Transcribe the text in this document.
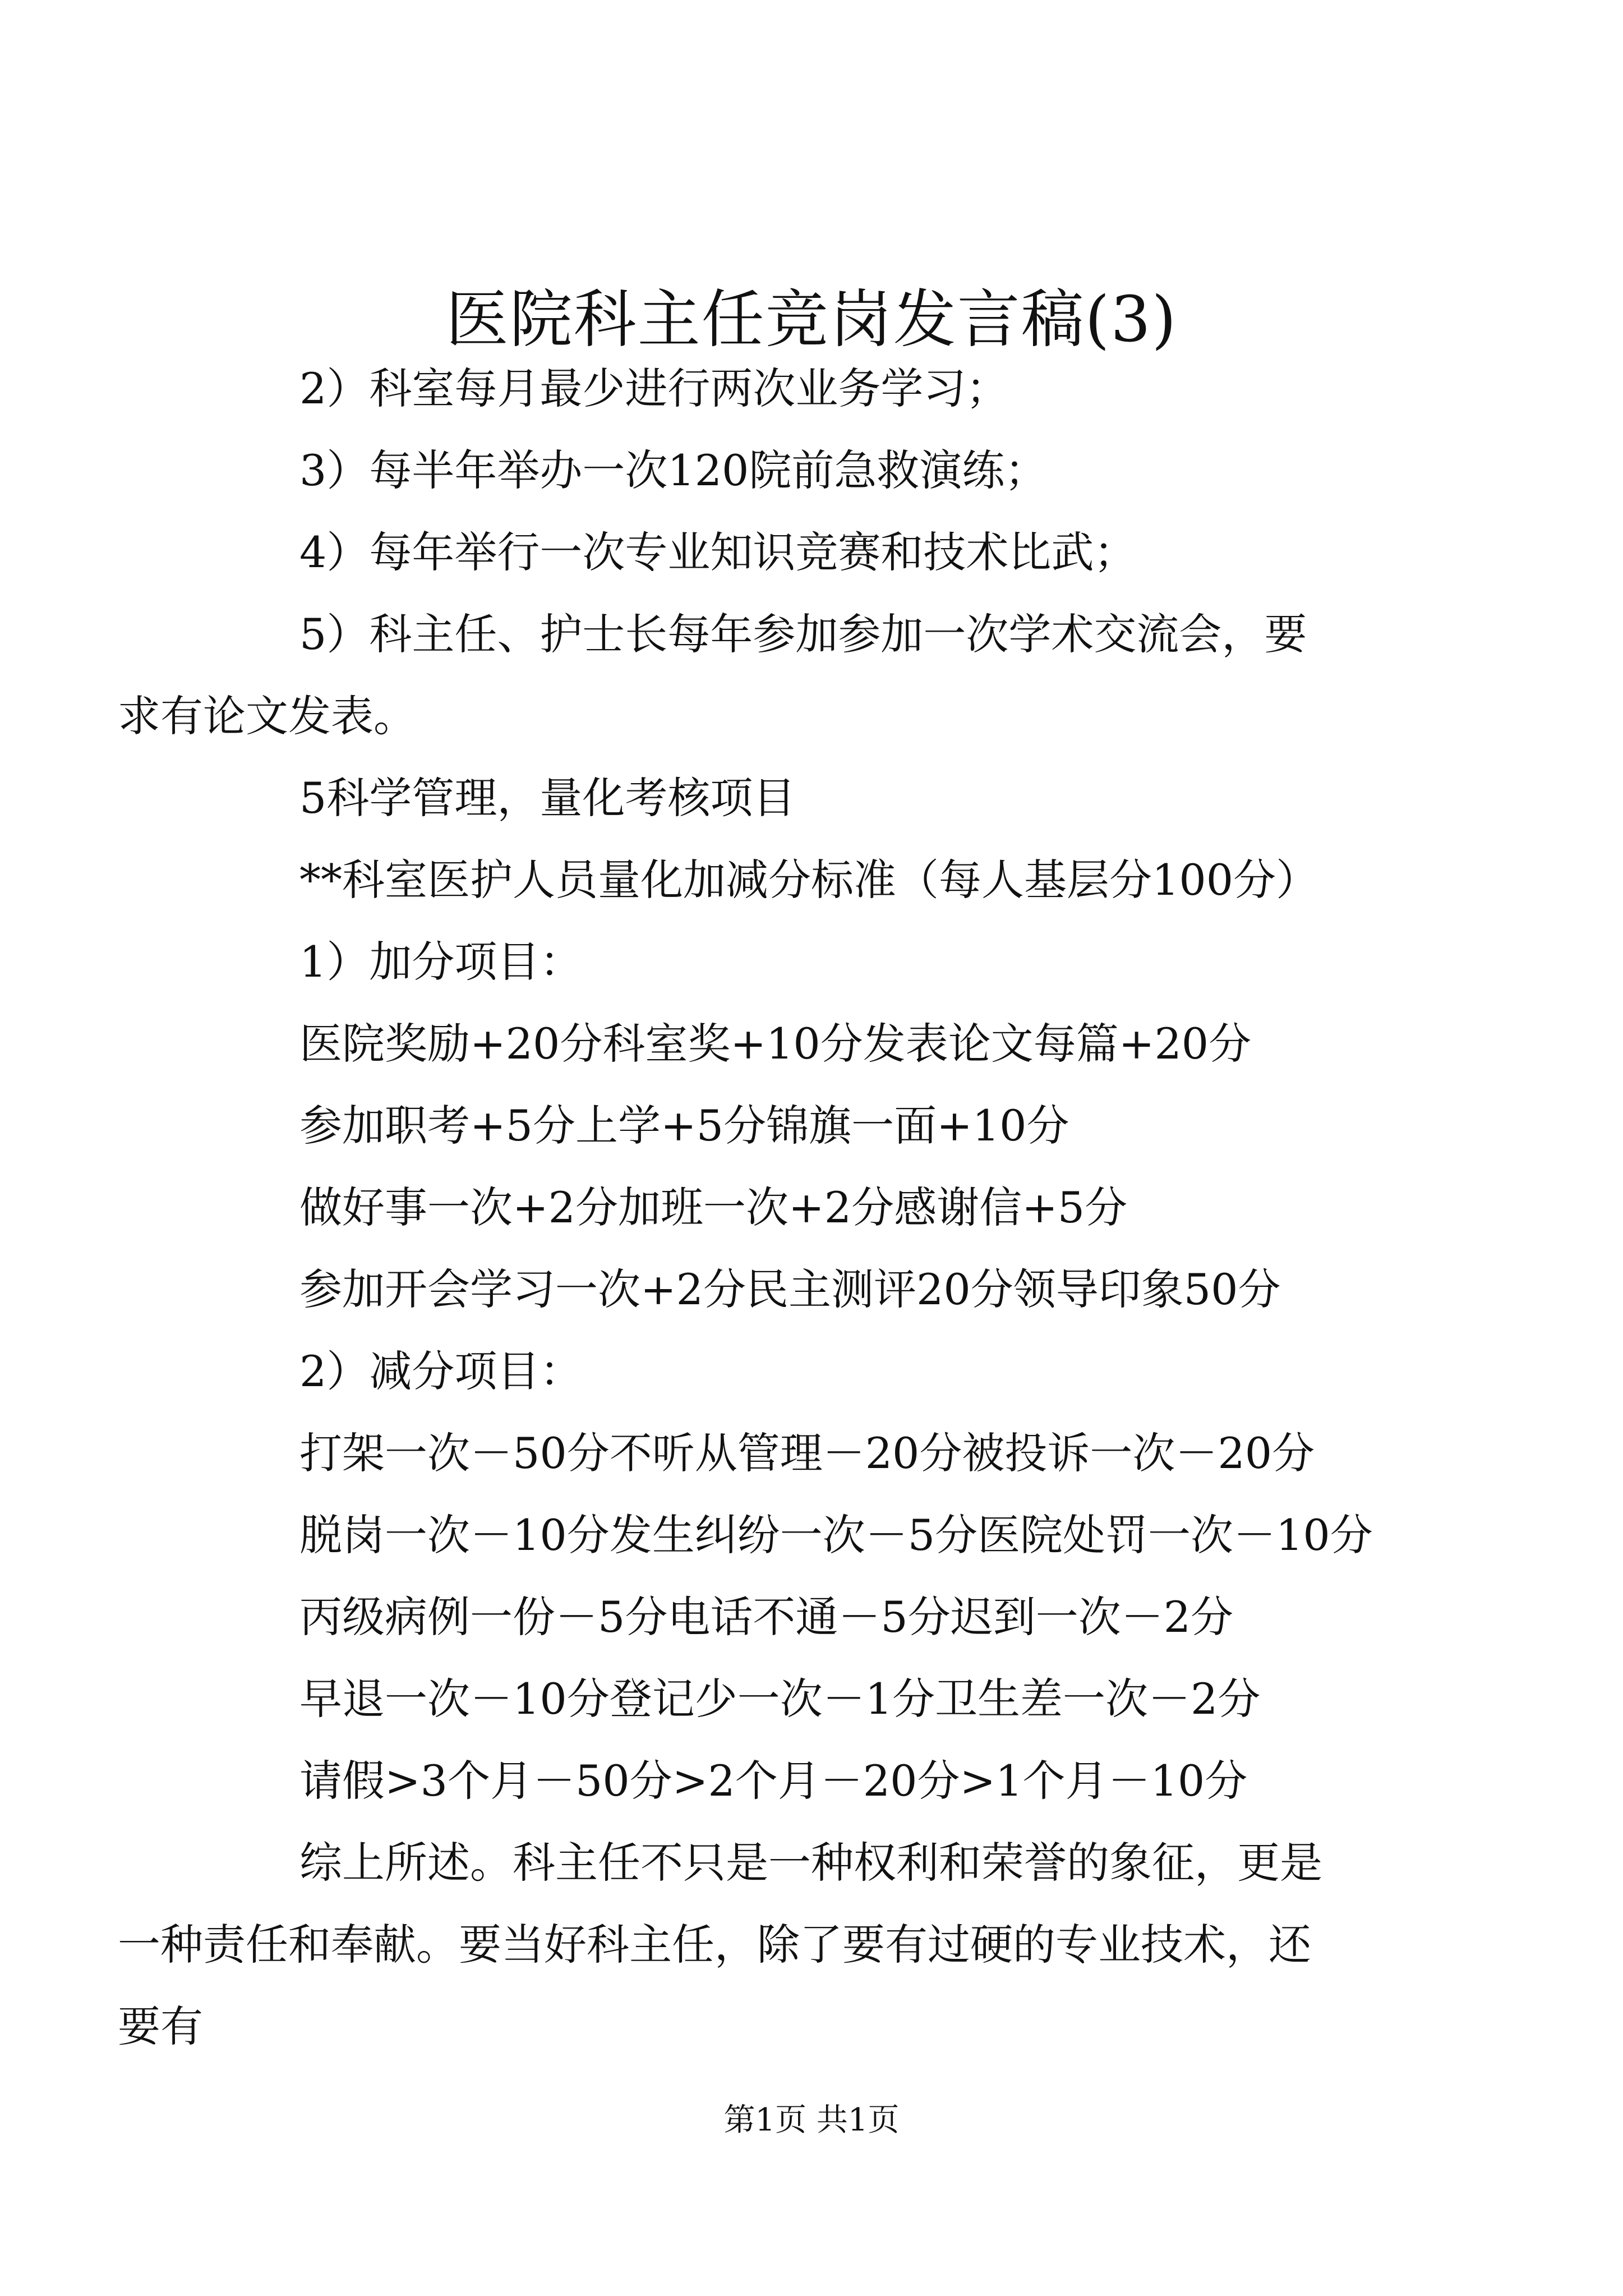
医院科主任竞岗发言稿(3)

2）科室每月最少进行两次业务学习；

3）每半年举办一次120院前急救演练；

4）每年举行一次专业知识竞赛和技术比武；

5）科主任、护士长每年参加参加一次学术交流会，要求有论文发表。

5科学管理，量化考核项目

**科室医护人员量化加减分标准（每人基层分100分）

1）加分项目：

医院奖励+20分科室奖+10分发表论文每篇+20分

参加职考+5分上学+5分锦旗一面+10分

做好事一次+2分加班一次+2分感谢信+5分

参加开会学习一次+2分民主测评20分领导印象50分

2）减分项目：

打架一次－50分不听从管理－20分被投诉一次－20分

脱岗一次－10分发生纠纷一次－5分医院处罚一次－10分

丙级病例一份－5分电话不通－5分迟到一次－2分

早退一次－10分登记少一次－1分卫生差一次－2分

请假>3个月－50分>2个月－20分>1个月－10分

综上所述。科主任不只是一种权利和荣誉的象征，更是一种责任和奉献。要当好科主任，除了要有过硬的专业技术，还要有

第1页 共1页
